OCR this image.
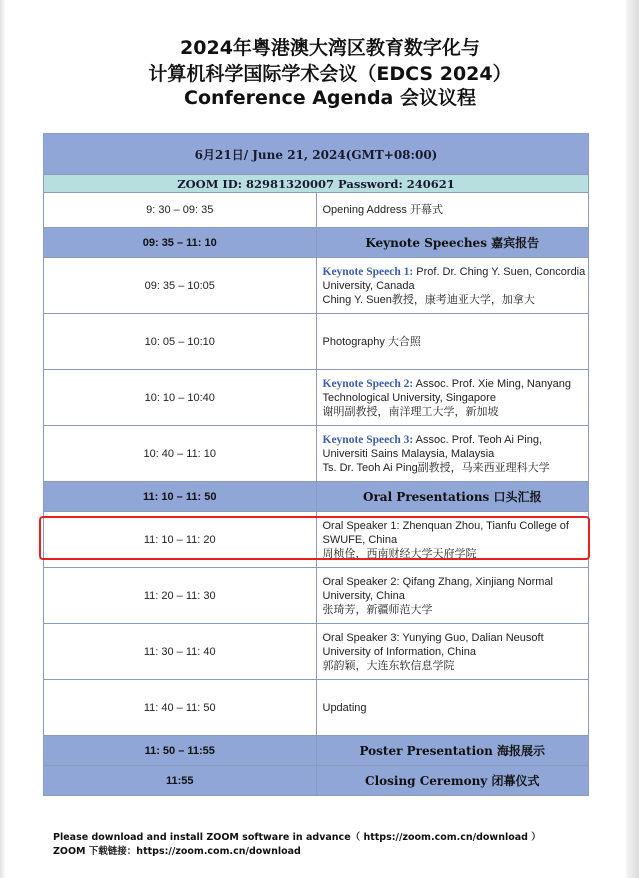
2024年粤港澳大湾区教育数字化与
计算机科学国际学术会议（EDCS 2024）
Conference Agenda 会议议程
6月21日/ June 21, 2024(GMT+08:00)	
ZOOM ID: 82981320007 Password: 240621	
9: 30 – 09: 35	Opening Address 开幕式
09: 35 – 11: 10	Keynote Speeches 嘉宾报告
09: 35 – 10:05	Keynote Speech 1: Prof. Dr. Ching Y. Suen, Concordia University, Canada
Ching Y. Suen教授，康考迪亚大学，加拿大
10: 05 – 10:10	Photography 大合照
10: 10 – 10:40	Keynote Speech 2: Assoc. Prof. Xie Ming, Nanyang Technological University, Singapore
谢明副教授，南洋理工大学，新加坡
10: 40 – 11: 10	Keynote Speech 3: Assoc. Prof. Teoh Ai Ping, Universiti Sains Malaysia, Malaysia
Ts. Dr. Teoh Ai Ping副教授，马来西亚理科大学
11: 10 – 11: 50	Oral Presentations 口头汇报
11: 10 – 11: 20	Oral Speaker 1: Zhenquan Zhou, Tianfu College of SWUFE, China
周桢佺，西南财经大学天府学院
11: 20 – 11: 30	Oral Speaker 2: Qifang Zhang, Xinjiang Normal University, China
张琦芳，新疆师范大学
11: 30 – 11: 40	Oral Speaker 3: Yunying Guo, Dalian Neusoft University of Information, China
郭韵颖，大连东软信息学院
11: 40 – 11: 50	Updating
11: 50 – 11:55	Poster Presentation 海报展示
11:55	Closing Ceremony 闭幕仪式
Please download and install ZOOM software in advance（ https://zoom.com.cn/download ）
ZOOM 下载链接：https://zoom.com.cn/download
